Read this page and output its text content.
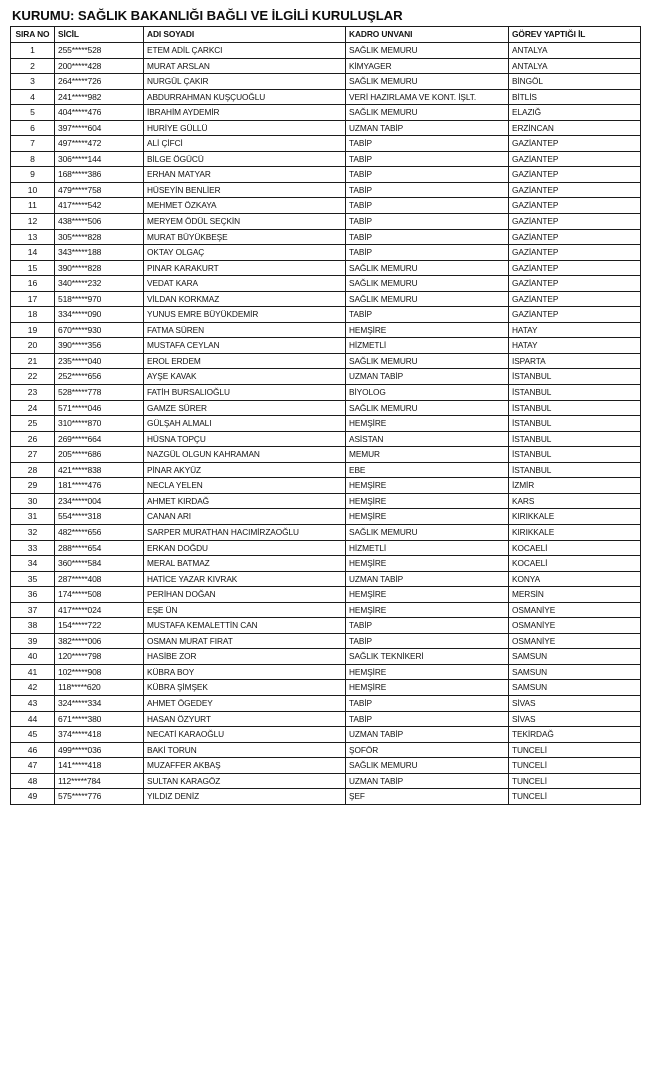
KURUMU: SAĞLIK BAKANLIĞI BAĞLI VE İLGİLİ KURULUŞLAR
SIRA NO	SİCİL	ADI SOYADI	KADRO UNVANI	GÖREV YAPTIĞI İL
1	255*****528	ETEM ADİL ÇARKCI	SAĞLIK MEMURU	ANTALYA
2	200*****428	MURAT ARSLAN	KİMYAGER	ANTALYA
3	264*****726	NURGÜL ÇAKIR	SAĞLIK MEMURU	BİNGÖL
4	241*****982	ABDURRAHMAN KUŞÇUOĞLU	VERİ HAZIRLAMA VE KONT. İŞLT.	BİTLİS
5	404*****476	İBRAHİM AYDEMİR	SAĞLIK MEMURU	ELAZIĞ
6	397*****604	HURİYE GÜLLÜ	UZMAN TABİP	ERZİNCAN
7	497*****472	ALİ ÇİFCİ	TABİP	GAZİANTEP
8	306*****144	BİLGE ÖGÜCÜ	TABİP	GAZİANTEP
9	168*****386	ERHAN MATYAR	TABİP	GAZİANTEP
10	479*****758	HÜSEYİN BENLİER	TABİP	GAZİANTEP
11	417*****542	MEHMET ÖZKAYA	TABİP	GAZİANTEP
12	438*****506	MERYEM ÖDÜL SEÇKİN	TABİP	GAZİANTEP
13	305*****828	MURAT BÜYÜKBEŞE	TABİP	GAZİANTEP
14	343*****188	OKTAY OLGAÇ	TABİP	GAZİANTEP
15	390*****828	PINAR KARAKURT	SAĞLIK MEMURU	GAZİANTEP
16	340*****232	VEDAT KARA	SAĞLIK MEMURU	GAZİANTEP
17	518*****970	VİLDAN KORKMAZ	SAĞLIK MEMURU	GAZİANTEP
18	334*****090	YUNUS EMRE BÜYÜKDEMİR	TABİP	GAZİANTEP
19	670*****930	FATMA SÜREN	HEMŞİRE	HATAY
20	390*****356	MUSTAFA CEYLAN	HİZMETLİ	HATAY
21	235*****040	EROL ERDEM	SAĞLIK MEMURU	ISPARTA
22	252*****656	AYŞE KAVAK	UZMAN TABİP	İSTANBUL
23	528*****778	FATİH BURSALIOĞLU	BİYOLOG	İSTANBUL
24	571*****046	GAMZE SÜRER	SAĞLIK MEMURU	İSTANBUL
25	310*****870	GÜLŞAH ALMALI	HEMŞİRE	İSTANBUL
26	269*****664	HÜSNA TOPÇU	ASİSTAN	İSTANBUL
27	205*****686	NAZGÜL OLGUN KAHRAMAN	MEMUR	İSTANBUL
28	421*****838	PİNAR AKYÜZ	EBE	İSTANBUL
29	181*****476	NECLA YELEN	HEMŞİRE	İZMİR
30	234*****004	AHMET KIRDAĞ	HEMŞİRE	KARS
31	554*****318	CANAN ARI	HEMŞİRE	KIRIKKALE
32	482*****656	SARPER MURATHAN HACIMİRZAOĞLU	SAĞLIK MEMURU	KIRIKKALE
33	288*****654	ERKAN DOĞDU	HİZMETLİ	KOCAELİ
34	360*****584	MERAL BATMAZ	HEMŞİRE	KOCAELİ
35	287*****408	HATİCE YAZAR KIVRAK	UZMAN TABİP	KONYA
36	174*****508	PERİHAN DOĞAN	HEMŞİRE	MERSİN
37	417*****024	EŞE ÜN	HEMŞİRE	OSMANİYE
38	154*****722	MUSTAFA KEMALETTİN CAN	TABİP	OSMANİYE
39	382*****006	OSMAN MURAT FIRAT	TABİP	OSMANİYE
40	120*****798	HASİBE ZOR	SAĞLIK TEKNİKERİ	SAMSUN
41	102*****908	KÜBRA BOY	HEMŞİRE	SAMSUN
42	118*****620	KÜBRA ŞİMŞEK	HEMŞİRE	SAMSUN
43	324*****334	AHMET ÖGEDEY	TABİP	SİVAS
44	671*****380	HASAN ÖZYURT	TABİP	SİVAS
45	374*****418	NECATİ KARAOĞLU	UZMAN TABİP	TEKİRDAĞ
46	499*****036	BAKİ TORUN	ŞOFÖR	TUNCELİ
47	141*****418	MUZAFFER AKBAŞ	SAĞLIK MEMURU	TUNCELİ
48	112*****784	SULTAN KARAGÖZ	UZMAN TABİP	TUNCELİ
49	575*****776	YILDIZ DENİZ	ŞEF	TUNCELİ
